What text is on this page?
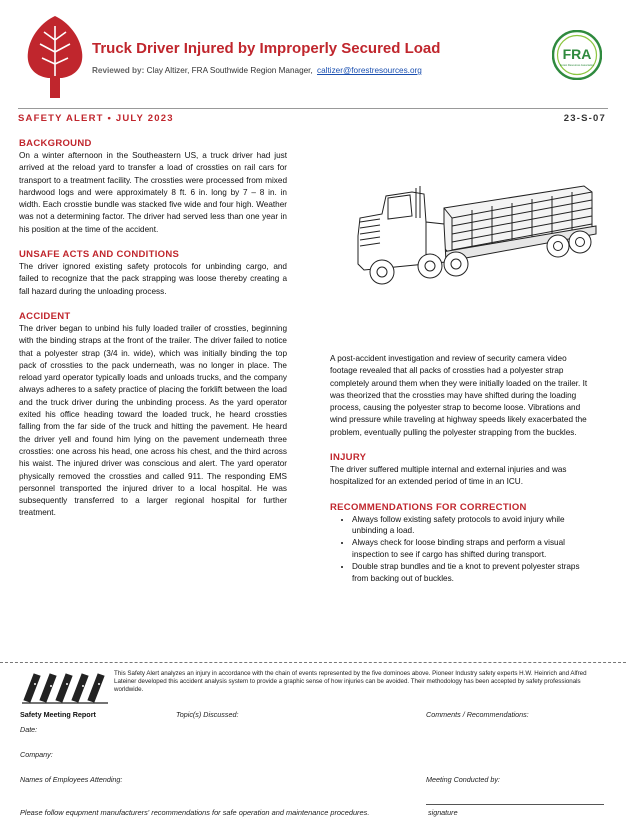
Truck Driver Injured by Improperly Secured Load
Reviewed by: Clay Altizer, FRA Southwide Region Manager, caltizer@forestresources.org
FRA
Forest Resources Association
SAFETY ALERT • JULY 2023	23-S-07
BACKGROUND

On a winter afternoon in the Southeastern US, a truck driver had just arrived at the reload yard to transfer a load of crossties on rail cars for transport to a treatment facility. The crossties were processed from mixed hardwood logs and were approximately 8 ft. 6 in. long by 7 – 8 in. in width. Each crosstie bundle was stacked five wide and four high. Weather was not a determining factor. The driver had served less than one year in his position at the time of the accident.

UNSAFE ACTS AND CONDITIONS

The driver ignored existing safety protocols for unbinding cargo, and failed to recognize that the pack strapping was loose thereby creating a fall hazard during the unloading process.

ACCIDENT

The driver began to unbind his fully loaded trailer of crossties, beginning with the binding straps at the front of the trailer. The driver failed to notice that a polyester strap (3/4 in. wide), which was initially binding the top pack of crossties to the pack underneath, was no longer in place. The reload yard operator typically loads and unloads trucks, and the company always adheres to a safety practice of placing the forklift between the load and the truck driver during the unbinding process. As the yard operator exited his office heading toward the loaded truck, he heard crossties falling from the far side of the truck and hitting the pavement. He heard the driver yell and found him lying on the pavement underneath three crossties: one across his head, one across his chest, and the third across his waist. The injured driver was conscious and alert. The yard operator physically removed the crossties and called 911. The responding EMS personnel transported the injured driver to a local hospital. He was subsequently transferred to a larger regional hospital for further treatment.

A post-accident investigation and review of security camera video footage revealed that all packs of crossties had a polyester strap completely around them when they were initially loaded on the trailer. It was theorized that the crossties may have shifted during the loading process, causing the polyester strap to become loose. Vibrations and wind pressure while traveling at highway speeds likely exacerbated the problem, eventually pulling the polyester strapping from the buckles.

INJURY

The driver suffered multiple internal and external injuries and was hospitalized for an extended period of time in an ICU.

RECOMMENDATIONS FOR CORRECTION
• Always follow existing safety protocols to avoid injury while unbinding a load.
• Always check for loose binding straps and perform a visual inspection to see if cargo has shifted during transport.
• Double strap bundles and tie a knot to prevent polyester straps from backing out of buckles.
This Safety Alert analyzes an injury in accordance with the chain of events represented by the five dominoes above. Pioneer Industry safety experts H.W. Heinrich and Alfred Lateiner developed this accident analysis system to provide a graphic sense of how injuries can be avoided. Their methodology has been accepted by safety professionals worldwide.
Safety Meeting Report	Topic(s) Discussed:	Comments / Recommendations:
Date:
Company:
Names of Employees Attending:	Meeting Conducted by:
Please follow equpment manufacturers' recommendations for safe operation and maintenance procedures.	signature
